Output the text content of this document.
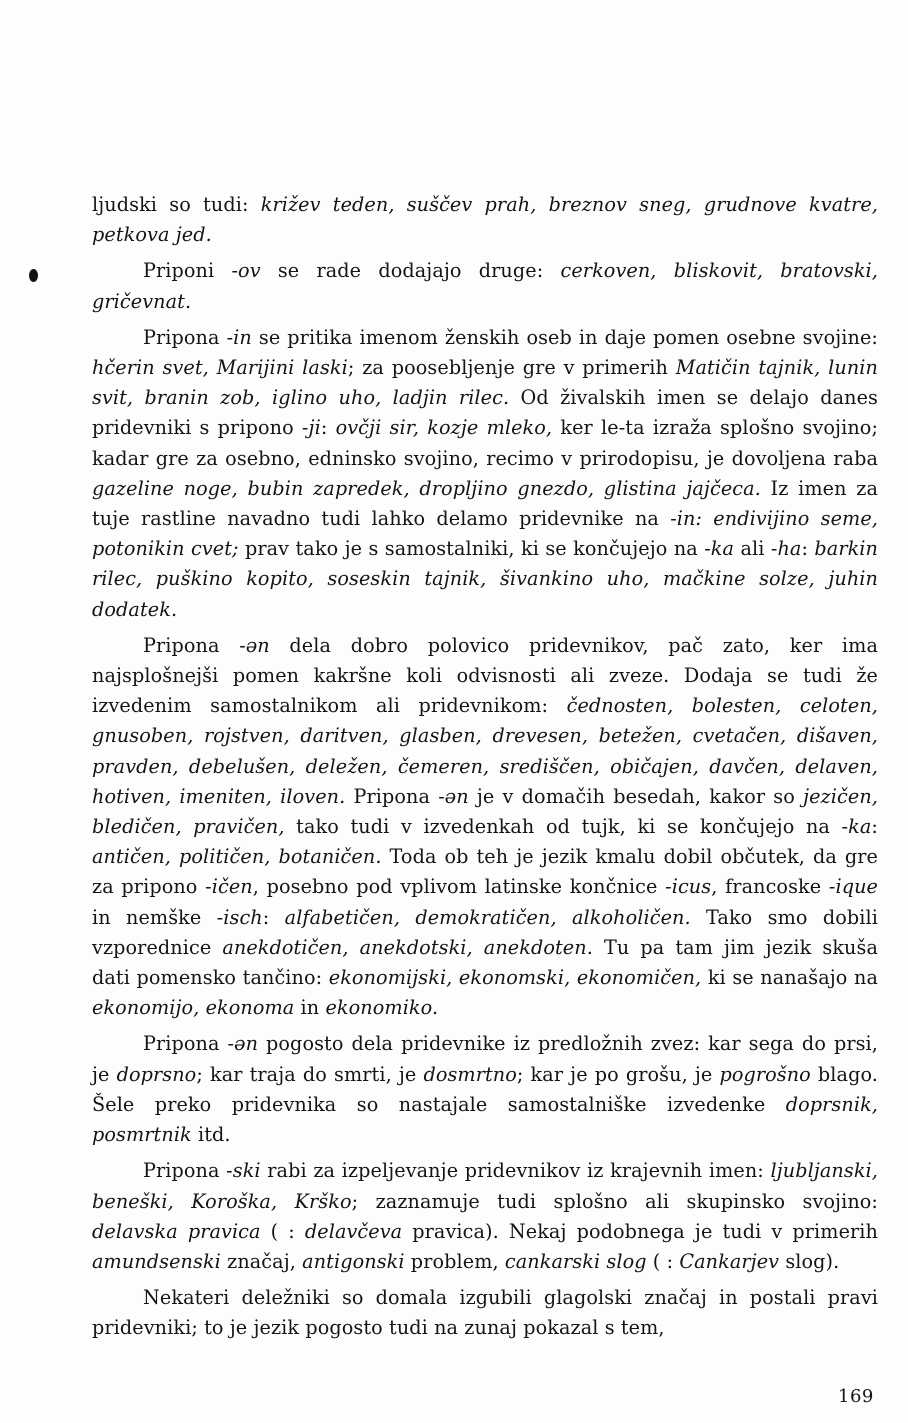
ljudski so tudi: križev teden, suščev prah, breznov sneg, grudnove kvatre, petkova jed.

Priponi -ov se rade dodajajo druge: cerkoven, bliskovit, bratovski, gričevnat.

Pripona -in se pritika imenom ženskih oseb in daje pomen osebne svojine: hčerin svet, Marijini laski; za poosebljenje gre v primerih Matičin tajnik, lunin svit, branin zob, iglino uho, ladjin rilec. Od živalskih imen se delajo danes pridevniki s pripono -ji: ovčji sir, kozje mleko, ker le-ta izraža splošno svojino; kadar gre za osebno, edninsko svojino, recimo v prirodopisu, je dovoljena raba gazeline noge, bubin zapredek, dropljino gnezdo, glistina jajčeca. Iz imen za tuje rastline navadno tudi lahko delamo pridevnike na -in: endivijino seme, potonikin cvet; prav tako je s samostalniki, ki se končujejo na -ka ali -ha: barkin rilec, puškino kopito, soseskin tajnik, šivankino uho, mačkine solze, juhin dodatek.

Pripona -ən dela dobro polovico pridevnikov, pač zato, ker ima najsplošnejši pomen kakršne koli odvisnosti ali zveze. Dodaja se tudi že izvedenim samostalnikom ali pridevnikom: čednosten, bolesten, celoten, gnusoben, rojstven, daritven, glasben, drevesen, betežen, cvetačen, dišaven, pravden, debelušen, deležen, čemeren, središčen, običajen, davčen, delaven, hotiven, imeniten, iloven. Pripona -ən je v domačih besedah, kakor so jezičen, bledičen, pravičen, tako tudi v izvedenkah od tujk, ki se končujejo na -ka: antičen, političen, botaničen. Toda ob teh je jezik kmalu dobil občutek, da gre za pripono -ičen, posebno pod vplivom latinske končnice -icus, francoske -ique in nemške -isch: alfabetičen, demokratičen, alkoholičen. Tako smo dobili vzporednice anekdotičen, anekdotski, anekdoten. Tu pa tam jim jezik skuša dati pomensko tančino: ekonomijski, ekonomski, ekonomičen, ki se nanašajo na ekonomijo, ekonoma in ekonomiko.

Pripona -ən pogosto dela pridevnike iz predložnih zvez: kar sega do prsi, je doprsno; kar traja do smrti, je dosmrtno; kar je po grošu, je pogrošno blago. Šele preko pridevnika so nastajale samostalniške izvedenke doprsnik, posmrtnik itd.

Pripona -ski rabi za izpeljevanje pridevnikov iz krajevnih imen: ljubljanski, beneški, Koroška, Krško; zaznamuje tudi splošno ali skupinsko svojino: delavska pravica ( : delavčeva pravica). Nekaj podobnega je tudi v primerih amundsenski značaj, antigonski problem, cankarski slog ( : Cankarjev slog).

Nekateri deležniki so domala izgubili glagolski značaj in postali pravi pridevniki; to je jezik pogosto tudi na zunaj pokazal s tem,

169
